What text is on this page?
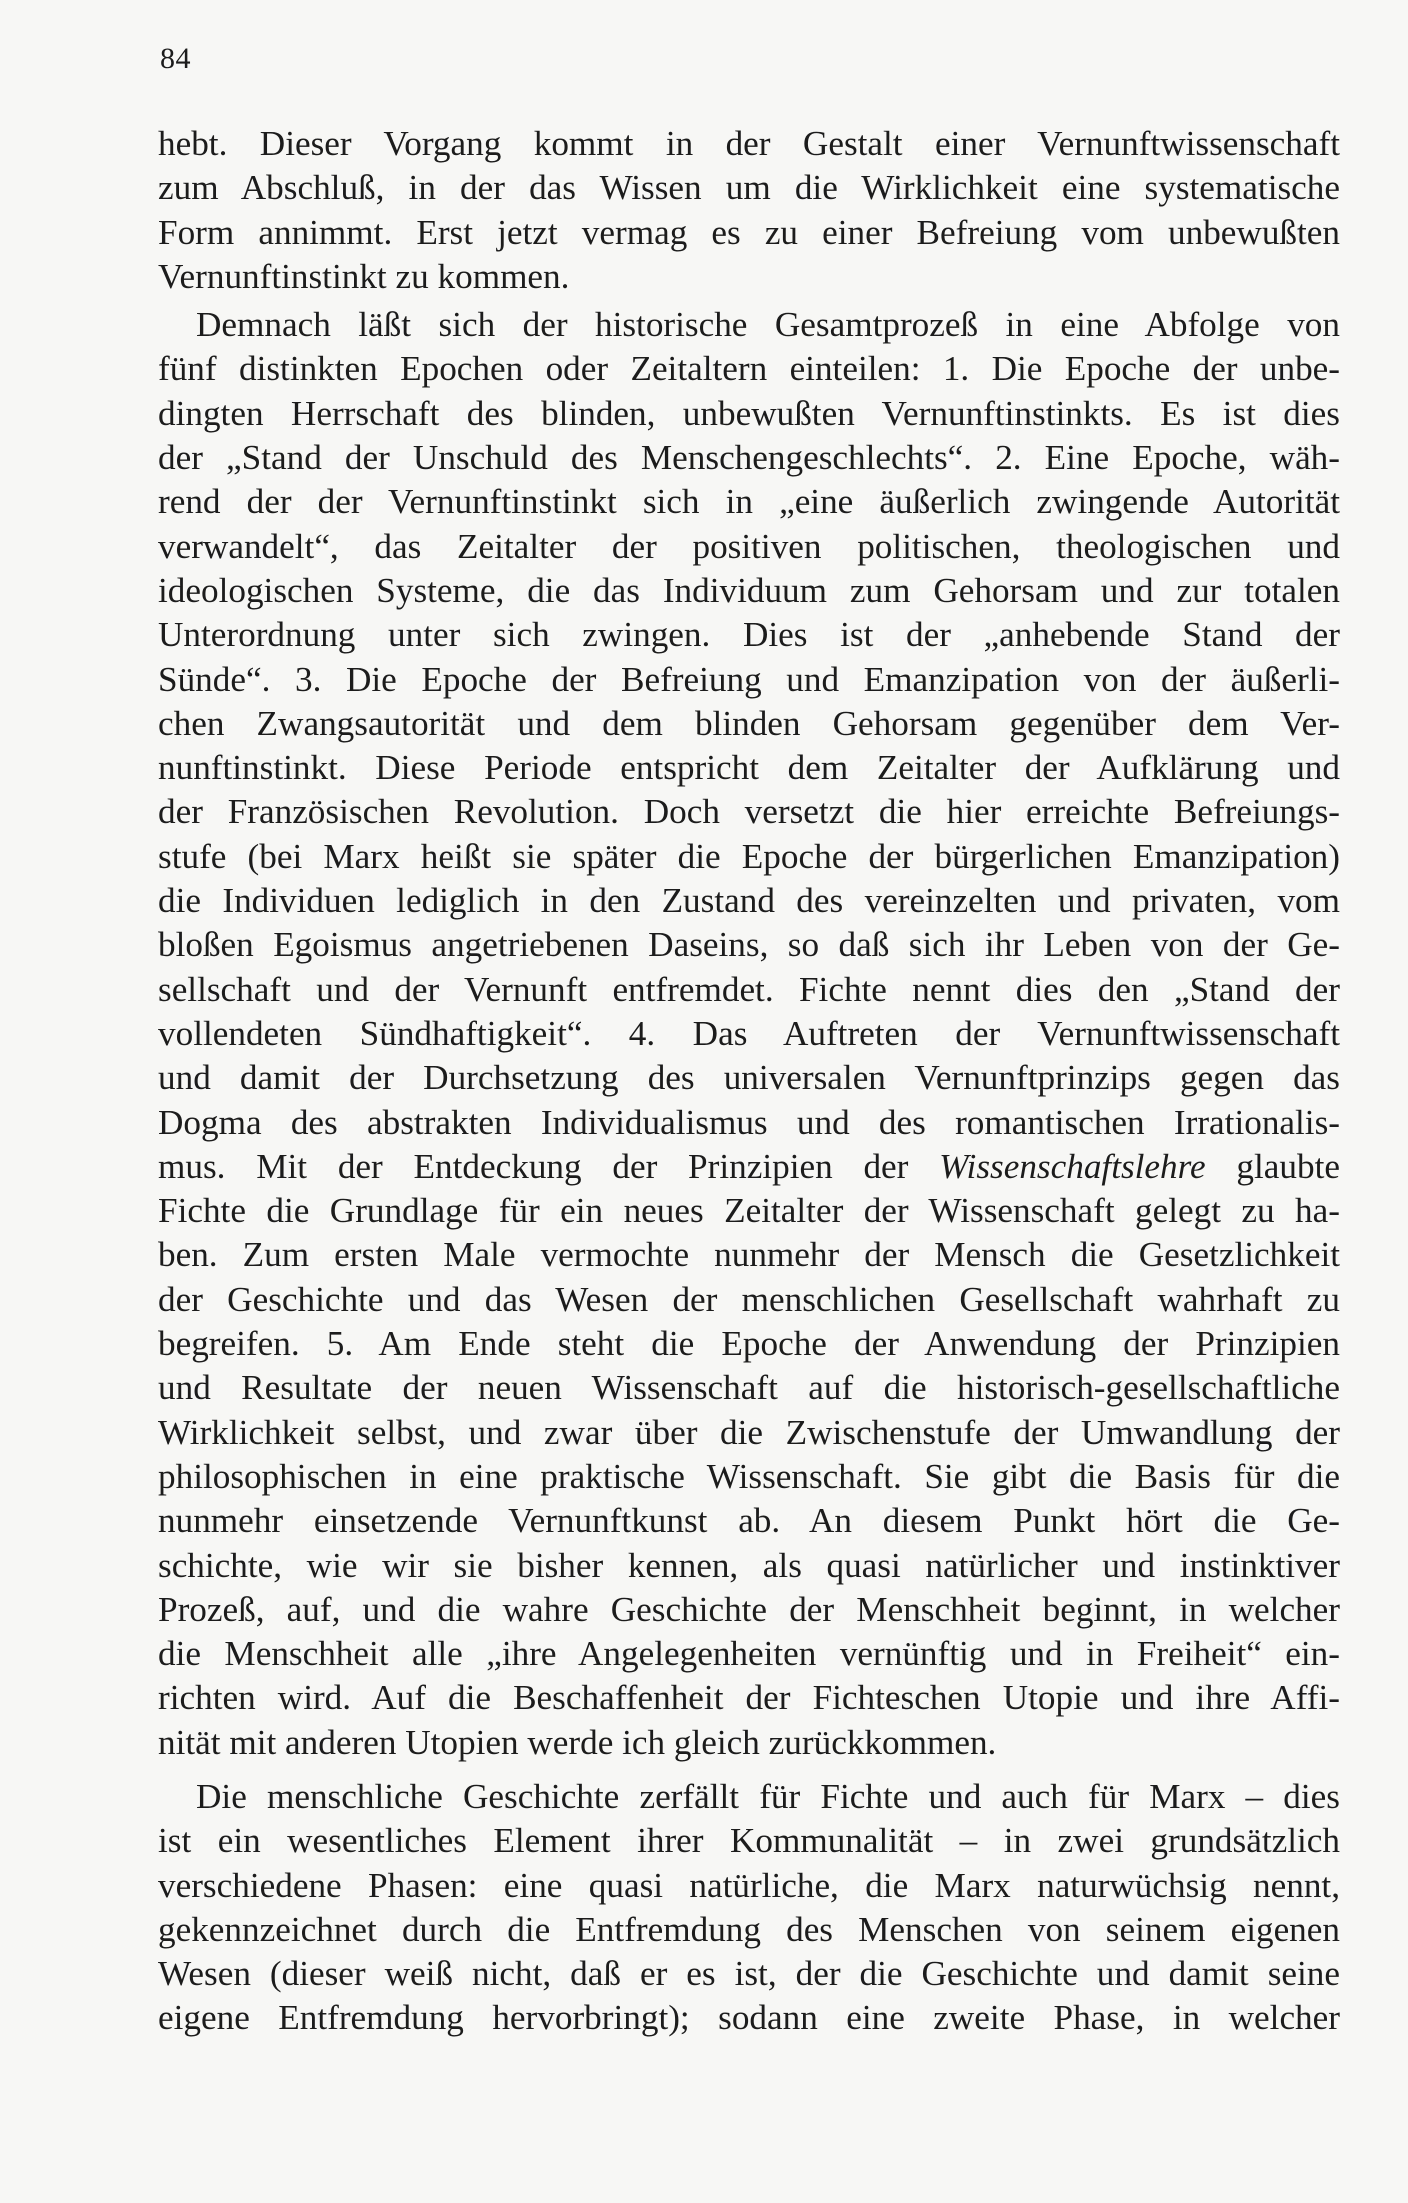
84
hebt. Dieser Vorgang kommt in der Gestalt einer Vernunftwissenschaft
zum Abschluß, in der das Wissen um die Wirklichkeit eine systematische
Form annimmt. Erst jetzt vermag es zu einer Befreiung vom unbewußten
Vernunftinstinkt zu kommen.
Demnach läßt sich der historische Gesamtprozeß in eine Abfolge von
fünf distinkten Epochen oder Zeitaltern einteilen: 1. Die Epoche der unbe-
dingten Herrschaft des blinden, unbewußten Vernunftinstinkts. Es ist dies
der „Stand der Unschuld des Menschengeschlechts“. 2. Eine Epoche, wäh-
rend der der Vernunftinstinkt sich in „eine äußerlich zwingende Autorität
verwandelt“, das Zeitalter der positiven politischen, theologischen und
ideologischen Systeme, die das Individuum zum Gehorsam und zur totalen
Unterordnung unter sich zwingen. Dies ist der „anhebende Stand der
Sünde“. 3. Die Epoche der Befreiung und Emanzipation von der äußerli-
chen Zwangsautorität und dem blinden Gehorsam gegenüber dem Ver-
nunftinstinkt. Diese Periode entspricht dem Zeitalter der Aufklärung und
der Französischen Revolution. Doch versetzt die hier erreichte Befreiungs-
stufe (bei Marx heißt sie später die Epoche der bürgerlichen Emanzipation)
die Individuen lediglich in den Zustand des vereinzelten und privaten, vom
bloßen Egoismus angetriebenen Daseins, so daß sich ihr Leben von der Ge-
sellschaft und der Vernunft entfremdet. Fichte nennt dies den „Stand der
vollendeten Sündhaftigkeit“. 4. Das Auftreten der Vernunftwissenschaft
und damit der Durchsetzung des universalen Vernunftprinzips gegen das
Dogma des abstrakten Individualismus und des romantischen Irrationalis-
mus. Mit der Entdeckung der Prinzipien der Wissenschaftslehre glaubte
Fichte die Grundlage für ein neues Zeitalter der Wissenschaft gelegt zu ha-
ben. Zum ersten Male vermochte nunmehr der Mensch die Gesetzlichkeit
der Geschichte und das Wesen der menschlichen Gesellschaft wahrhaft zu
begreifen. 5. Am Ende steht die Epoche der Anwendung der Prinzipien
und Resultate der neuen Wissenschaft auf die historisch-gesellschaftliche
Wirklichkeit selbst, und zwar über die Zwischenstufe der Umwandlung der
philosophischen in eine praktische Wissenschaft. Sie gibt die Basis für die
nunmehr einsetzende Vernunftkunst ab. An diesem Punkt hört die Ge-
schichte, wie wir sie bisher kennen, als quasi natürlicher und instinktiver
Prozeß, auf, und die wahre Geschichte der Menschheit beginnt, in welcher
die Menschheit alle „ihre Angelegenheiten vernünftig und in Freiheit“ ein-
richten wird. Auf die Beschaffenheit der Fichteschen Utopie und ihre Affi-
nität mit anderen Utopien werde ich gleich zurückkommen.
Die menschliche Geschichte zerfällt für Fichte und auch für Marx – dies
ist ein wesentliches Element ihrer Kommunalität – in zwei grundsätzlich
verschiedene Phasen: eine quasi natürliche, die Marx naturwüchsig nennt,
gekennzeichnet durch die Entfremdung des Menschen von seinem eigenen
Wesen (dieser weiß nicht, daß er es ist, der die Geschichte und damit seine
eigene Entfremdung hervorbringt); sodann eine zweite Phase, in welcher
